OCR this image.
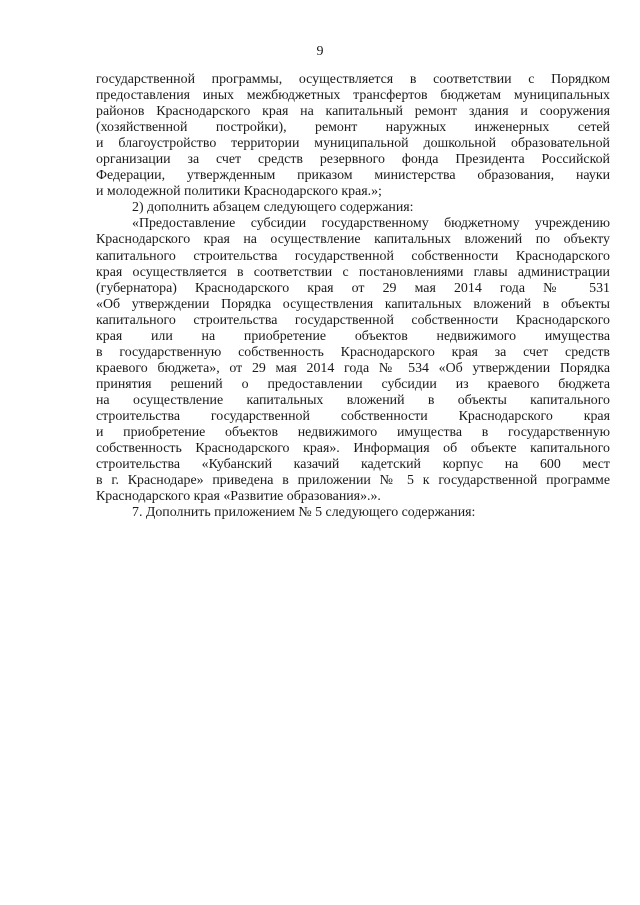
9
государственной программы, осуществляется в соответствии с Порядком
предоставления иных межбюджетных трансфертов бюджетам муниципальных
районов Краснодарского края на капитальный ремонт здания и сооружения
(хозяйственной постройки), ремонт наружных инженерных сетей
и благоустройство территории муниципальной дошкольной образовательной
организации за счет средств резервного фонда Президента Российской
Федерации, утвержденным приказом министерства образования, науки
и молодежной политики Краснодарского края.»;
2) дополнить абзацем следующего содержания:
«Предоставление субсидии государственному бюджетному учреждению
Краснодарского края на осуществление капитальных вложений по объекту
капитального строительства государственной собственности Краснодарского
края осуществляется в соответствии с постановлениями главы администрации
(губернатора) Краснодарского края от 29 мая 2014 года № 531
«Об утверждении Порядка осуществления капитальных вложений в объекты
капитального строительства государственной собственности Краснодарского
края или на приобретение объектов недвижимого имущества
в государственную собственность Краснодарского края за счет средств
краевого бюджета», от 29 мая 2014 года № 534 «Об утверждении Порядка
принятия решений о предоставлении субсидии из краевого бюджета
на осуществление капитальных вложений в объекты капитального
строительства государственной собственности Краснодарского края
и приобретение объектов недвижимого имущества в государственную
собственность Краснодарского края». Информация об объекте капитального
строительства «Кубанский казачий кадетский корпус на 600 мест
в г. Краснодаре» приведена в приложении № 5 к государственной программе
Краснодарского края «Развитие образования».».
7. Дополнить приложением № 5 следующего содержания:
